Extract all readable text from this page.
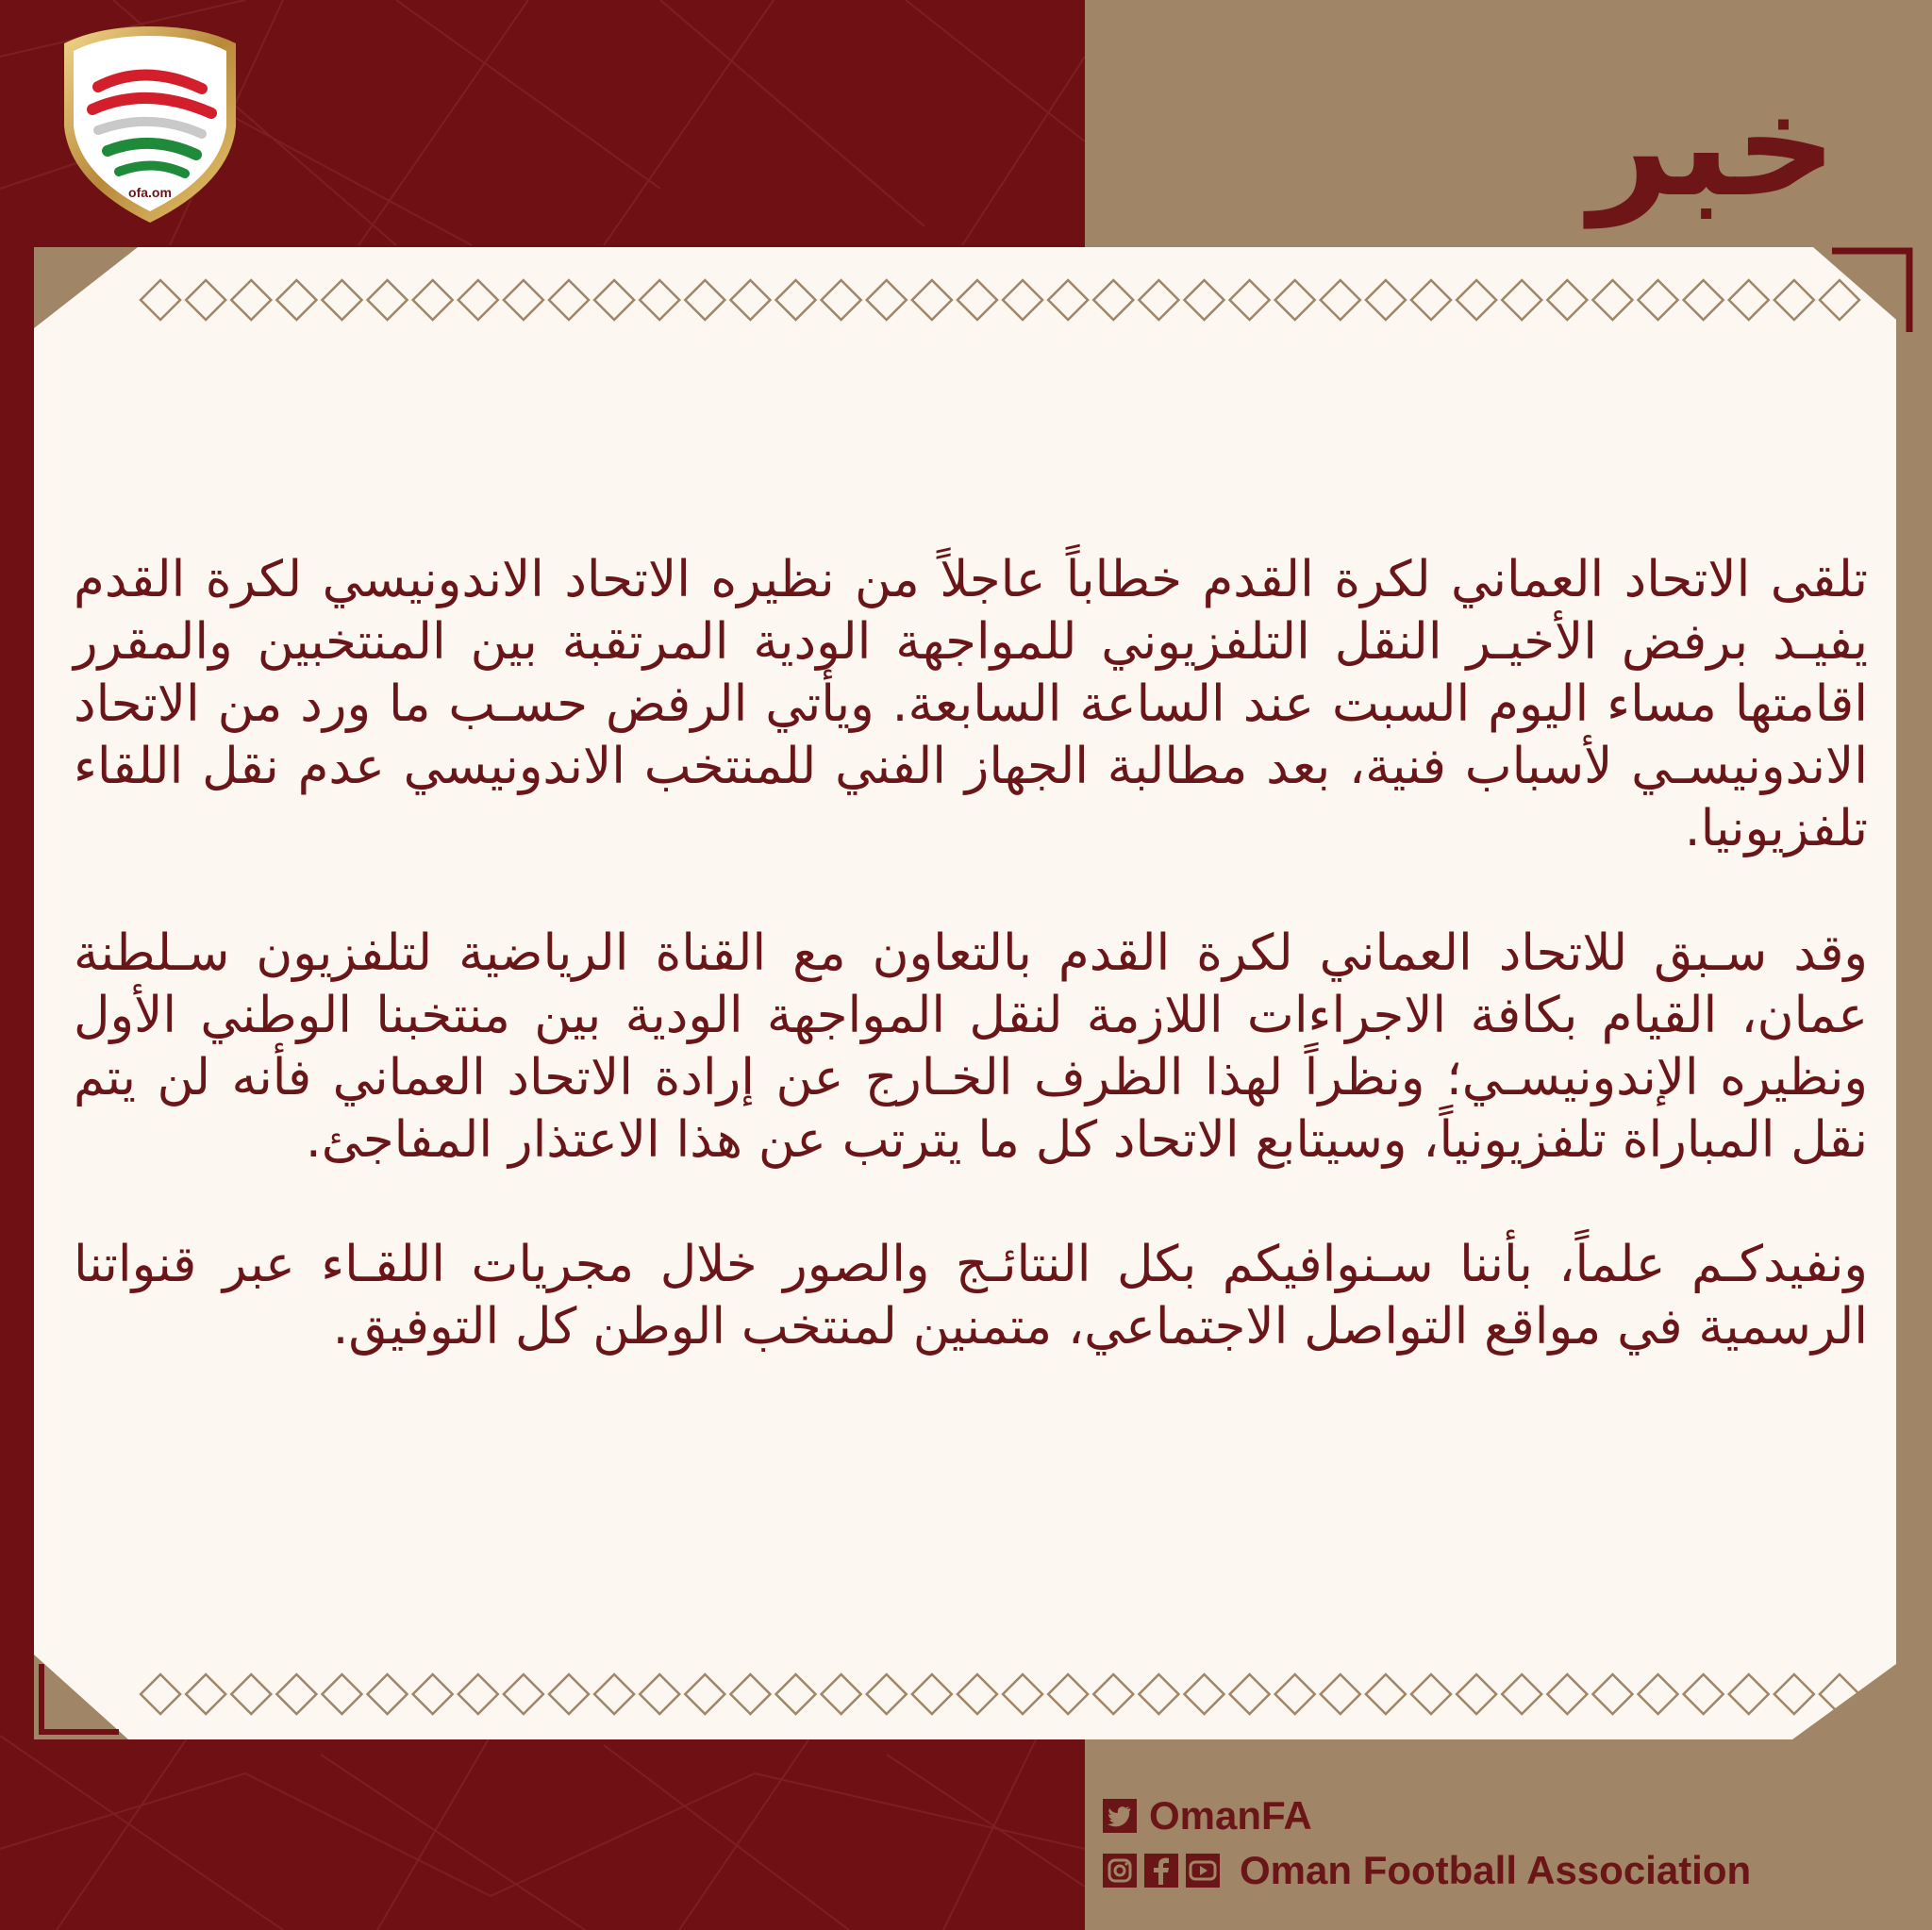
ofa.om	خبر

تلقى الاتحاد العماني لكرة القدم خطاباً عاجلاً من نظيره الاتحاد الاندونيسي لكرة القدم يفيـد برفض الأخيـر النقل التلفزيوني للمواجهة الودية المرتقبة بين المنتخبين والمقرر اقامتها مساء اليوم السبت عند الساعة السابعة. ويأتي الرفض حسـب ما ورد من الاتحاد الاندونيسـي لأسباب فنية، بعد مطالبة الجهاز الفني للمنتخب الاندونيسي عدم نقل اللقاء تلفزيونيا.

وقد سـبق للاتحاد العماني لكرة القدم بالتعاون مع القناة الرياضية لتلفزيون سـلطنة عمان، القيام بكافة الاجراءات اللازمة لنقل المواجهة الودية بين منتخبنا الوطني الأول ونظيره الإندونيسـي؛ ونظراً لهذا الظرف الخـارج عن إرادة الاتحاد العماني فأنه لن يتم نقل المباراة تلفزيونياً، وسيتابع الاتحاد كل ما يترتب عن هذا الاعتذار المفاجئ.

ونفيدكـم علماً، بأننا سـنوافيكم بكل النتائـج والصور خلال مجريات اللقـاء عبر قنواتنا الرسمية في مواقع التواصل الاجتماعي، متمنين لمنتخب الوطن كل التوفيق.

OmanFA
Oman Football Association
